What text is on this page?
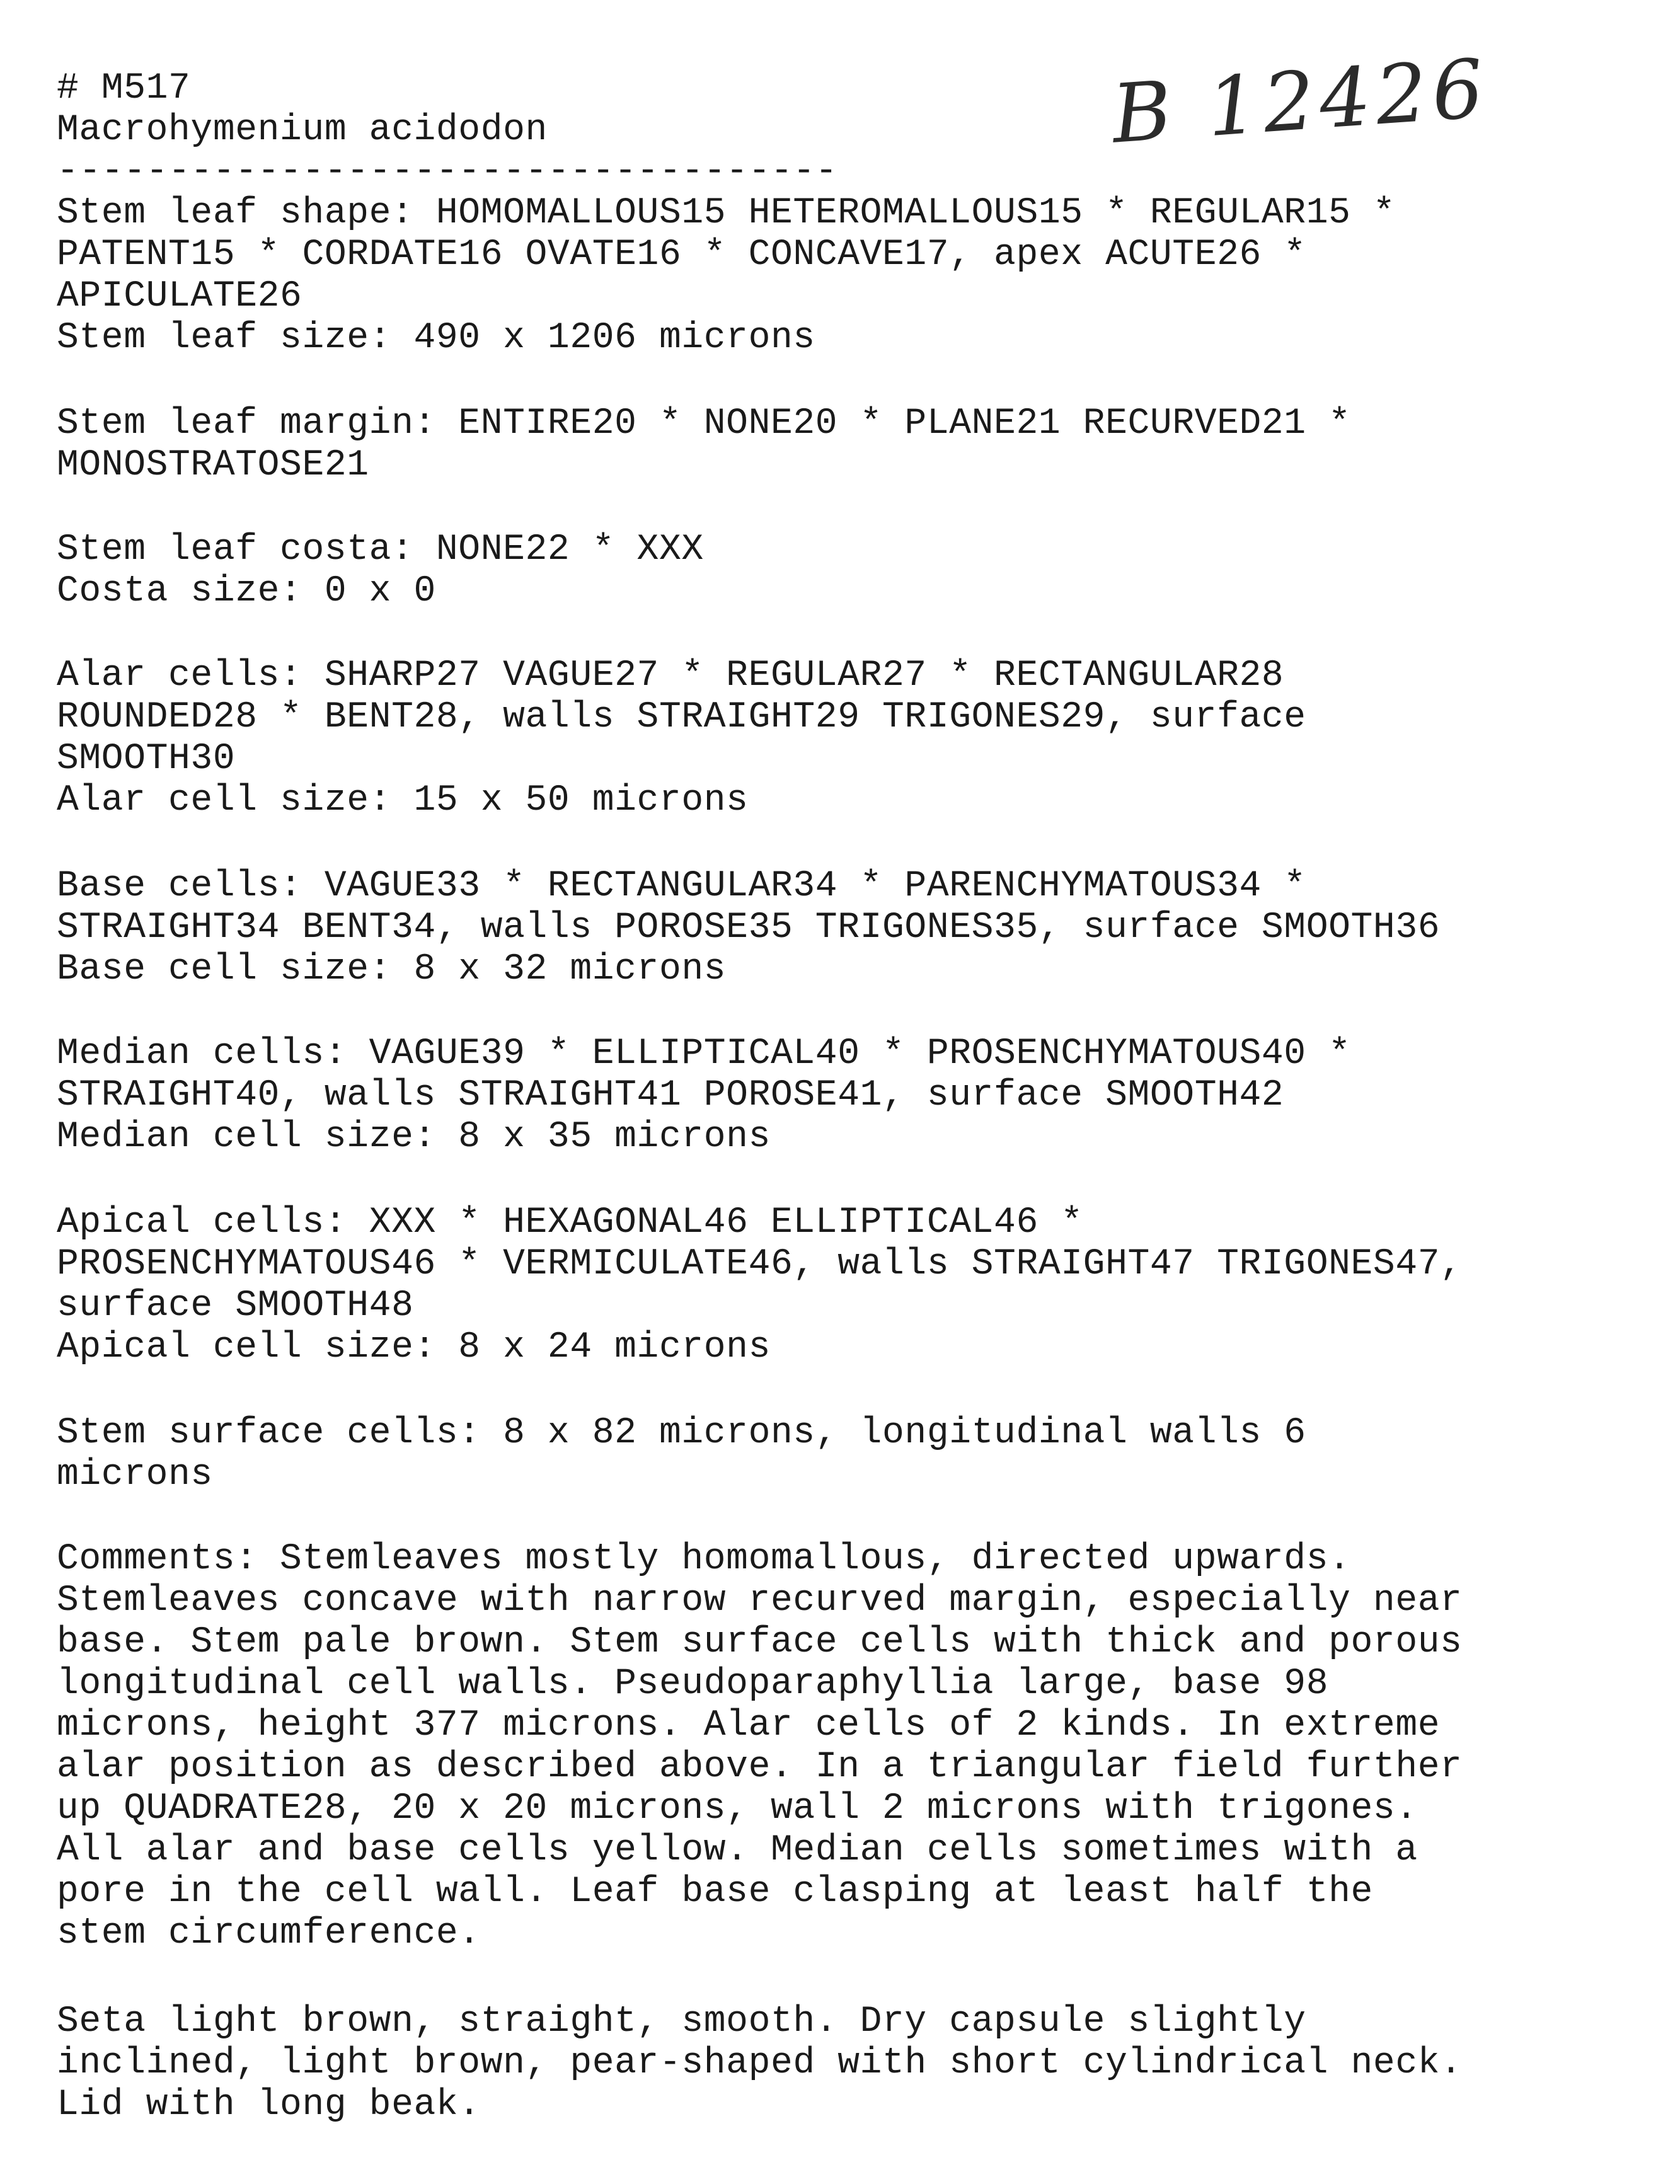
# M517
Macrohymenium acidodon
-----------------------------------
B 12426

Stem leaf shape: HOMOMALLOUS15 HETEROMALLOUS15 * REGULAR15 *

PATENT15 * CORDATE16 OVATE16 * CONCAVE17, apex ACUTE26 *

APICULATE26

Stem leaf size: 490 x 1206 microns

Stem leaf margin: ENTIRE20 * NONE20 * PLANE21 RECURVED21 *

MONOSTRATOSE21

Stem leaf costa: NONE22 * XXX

Costa size: 0 x 0

Alar cells: SHARP27 VAGUE27 * REGULAR27 * RECTANGULAR28

ROUNDED28 * BENT28, walls STRAIGHT29 TRIGONES29, surface

SMOOTH30

Alar cell size: 15 x 50 microns

Base cells: VAGUE33 * RECTANGULAR34 * PARENCHYMATOUS34 *

STRAIGHT34 BENT34, walls POROSE35 TRIGONES35, surface SMOOTH36

Base cell size: 8 x 32 microns

Median cells: VAGUE39 * ELLIPTICAL40 * PROSENCHYMATOUS40 *

STRAIGHT40, walls STRAIGHT41 POROSE41, surface SMOOTH42

Median cell size: 8 x 35 microns

Apical cells: XXX * HEXAGONAL46 ELLIPTICAL46 *

PROSENCHYMATOUS46 * VERMICULATE46, walls STRAIGHT47 TRIGONES47,

surface SMOOTH48

Apical cell size: 8 x 24 microns

Stem surface cells: 8 x 82 microns, longitudinal walls 6

microns

Comments: Stemleaves mostly homomallous, directed upwards.

Stemleaves concave with narrow recurved margin, especially near

base. Stem pale brown. Stem surface cells with thick and porous

longitudinal cell walls. Pseudoparaphyllia large, base 98

microns, height 377 microns. Alar cells of 2 kinds. In extreme

alar position as described above. In a triangular field further

up QUADRATE28, 20 x 20 microns, wall 2 microns with trigones.

All alar and base cells yellow. Median cells sometimes with a

pore in the cell wall. Leaf base clasping at least half the

stem circumference.

Seta light brown, straight, smooth. Dry capsule slightly

inclined, light brown, pear-shaped with short cylindrical neck.

Lid with long beak.
